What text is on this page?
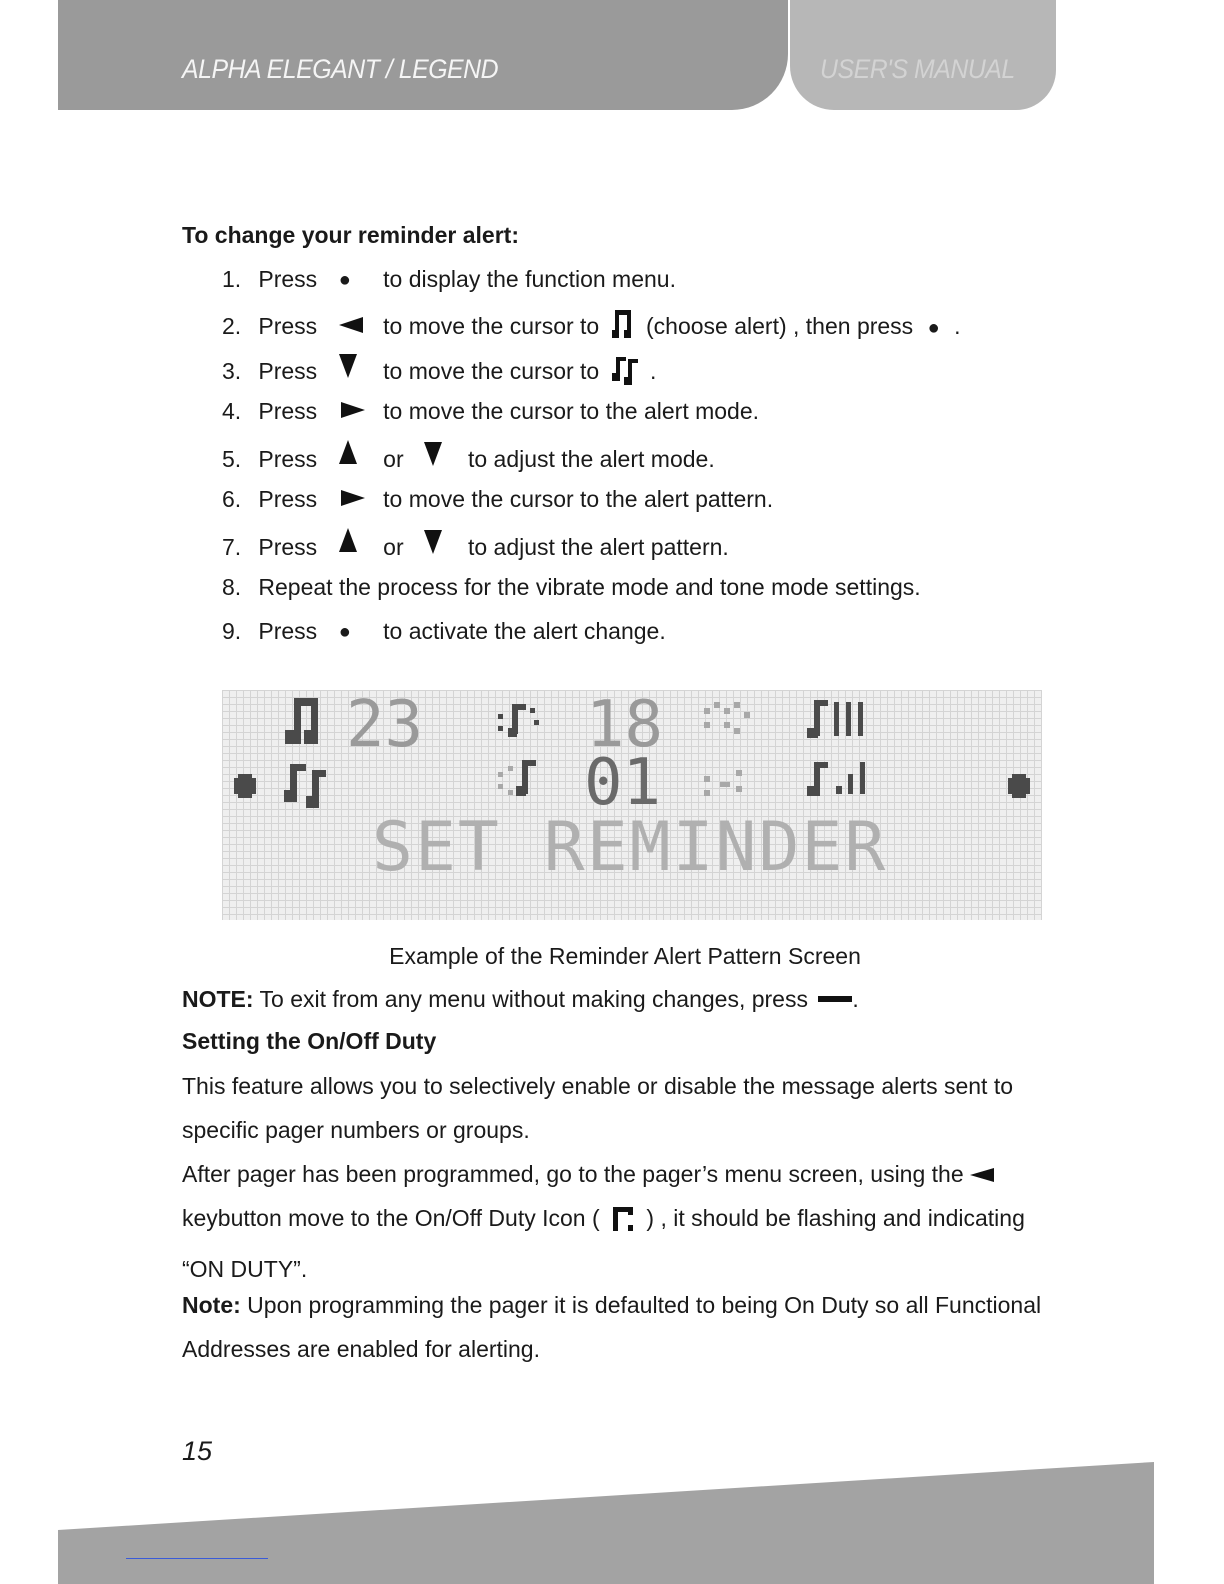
ALPHA ELEGANT / LEGEND	USER'S MANUAL
To change your reminder alert:
1. Press ● to display the function menu.
2. Press	to move the cursor to (choose alert) , then press ● .
3. Press	to move the cursor to .
4. Press	to move the cursor to the alert mode.
5. Press	or	to adjust the alert mode.
6. Press	to move the cursor to the alert pattern.
7. Press	or	to adjust the alert pattern.
8. Repeat the process for the vibrate mode and tone mode settings.
9. Press ● to activate the alert change.
23	18
01
SET REMINDER
Example of the Reminder Alert Pattern Screen
NOTE: To exit from any menu without making changes, press .
Setting the On/Off Duty
This feature allows you to selectively enable or disable the message alerts sent to specific pager numbers or groups.
After pager has been programmed, go to the pager’s menu screen, using the  keybutton move to the On/Off Duty Icon ( ) , it should be flashing and indicating “ON DUTY”.
Note: Upon programming the pager it is defaulted to being On Duty so all Functional Addresses are enabled for alerting.
15
